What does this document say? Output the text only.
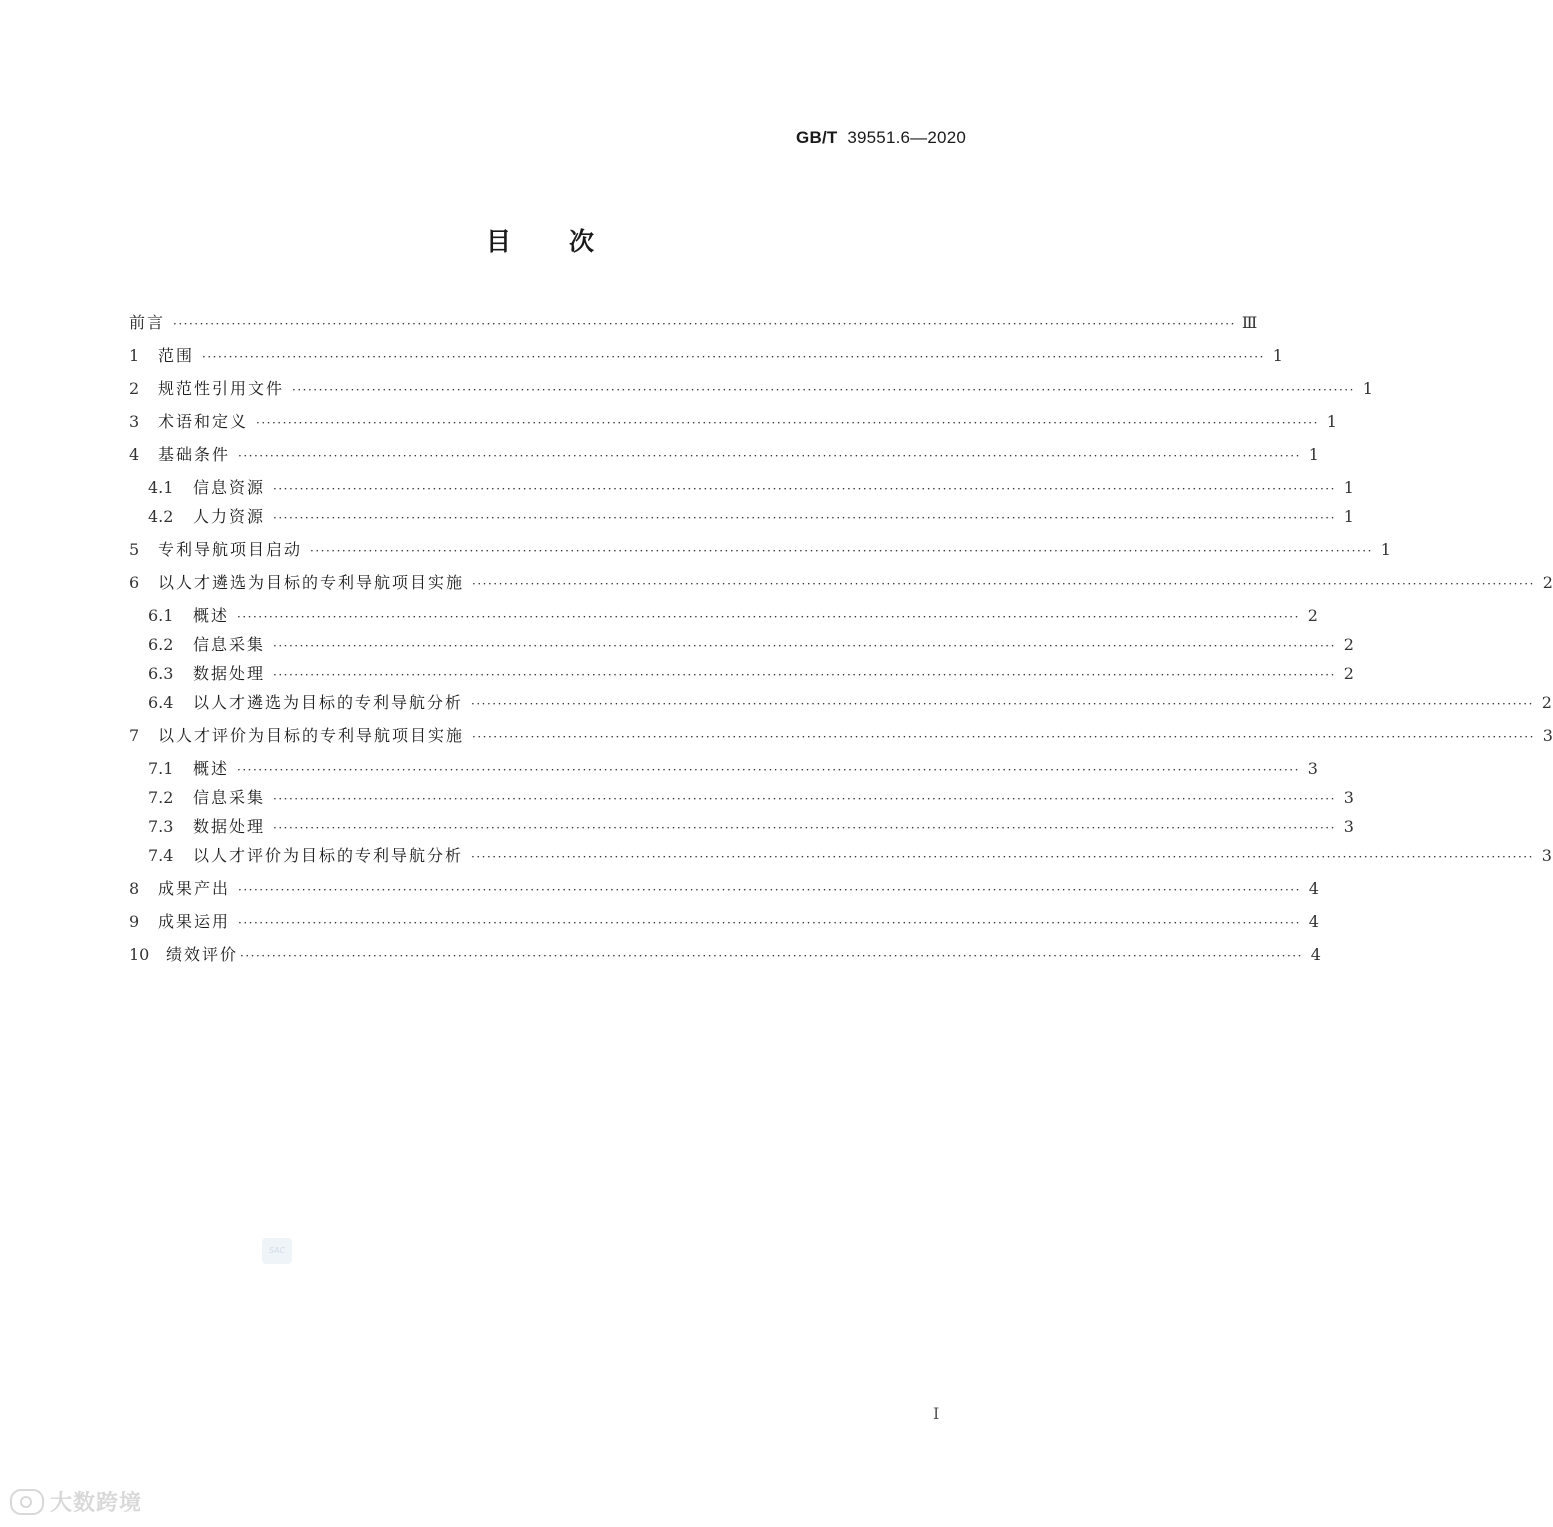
GB/T 39551.6—2020
目次
前言 ········································································································································································································ Ⅲ
1 范围 ········································································································································································································ 1
2 规范性引用文件 ········································································································································································································ 1
3 术语和定义 ········································································································································································································ 1
4 基础条件 ········································································································································································································ 1
4.1 信息资源 ········································································································································································································ 1
4.2 人力资源 ········································································································································································································ 1
5 专利导航项目启动 ········································································································································································································ 1
6 以人才遴选为目标的专利导航项目实施 ········································································································································································································ 2
6.1 概述 ········································································································································································································ 2
6.2 信息采集 ········································································································································································································ 2
6.3 数据处理 ········································································································································································································ 2
6.4 以人才遴选为目标的专利导航分析 ········································································································································································································ 2
7 以人才评价为目标的专利导航项目实施 ········································································································································································································ 3
7.1 概述 ········································································································································································································ 3
7.2 信息采集 ········································································································································································································ 3
7.3 数据处理 ········································································································································································································ 3
7.4 以人才评价为目标的专利导航分析 ········································································································································································································ 3
8 成果产出 ········································································································································································································ 4
9 成果运用 ········································································································································································································ 4
10 绩效评价 ········································································································································································································ 4
SAC
I
大数跨境
